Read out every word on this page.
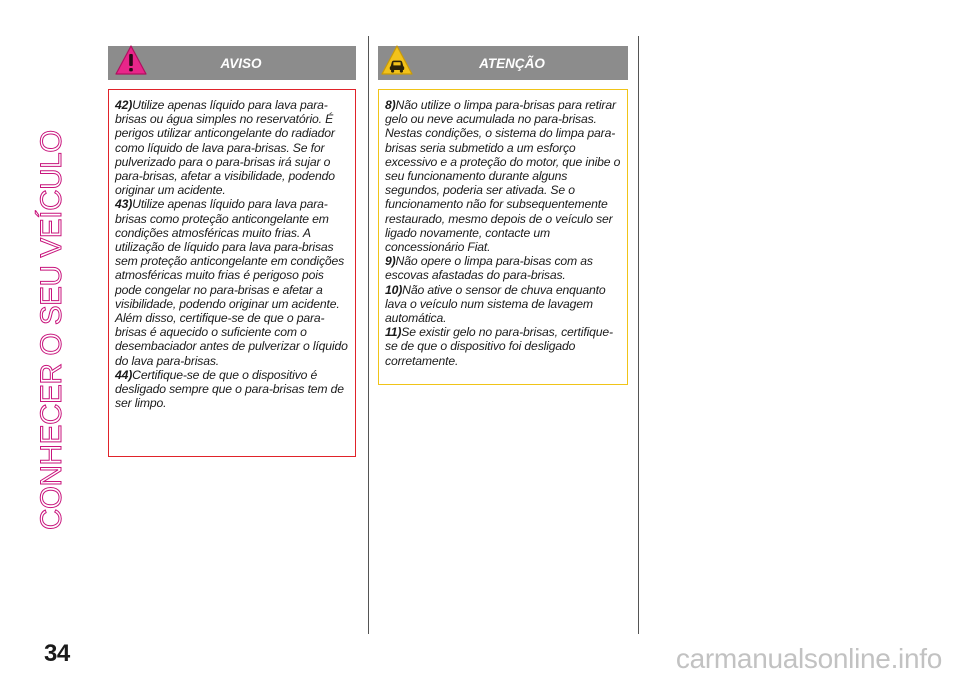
CONHECER O SEU VEÍCULO
AVISO

42)Utilize apenas líquido para lava para-brisas ou água simples no reservatório. É perigos utilizar anticongelante do radiador como líquido de lava para-brisas. Se for pulverizado para o para-brisas irá sujar o para-brisas, afetar a visibilidade, podendo originar um acidente.

43)Utilize apenas líquido para lava para-brisas como proteção anticongelante em condições atmosféricas muito frias. A utilização de líquido para lava para-brisas sem proteção anticongelante em condições atmosféricas muito frias é perigoso pois pode congelar no para-brisas e afetar a visibilidade, podendo originar um acidente. Além disso, certifique-se de que o para-brisas é aquecido o suficiente com o desembaciador antes de pulverizar o líquido do lava para-brisas.

44)Certifique-se de que o dispositivo é desligado sempre que o para-brisas tem de ser limpo.

ATENÇÃO

8)Não utilize o limpa para-brisas para retirar gelo ou neve acumulada no para-brisas. Nestas condições, o sistema do limpa para-brisas seria submetido a um esforço excessivo e a proteção do motor, que inibe o seu funcionamento durante alguns segundos, poderia ser ativada. Se o funcionamento não for subsequentemente restaurado, mesmo depois de o veículo ser ligado novamente, contacte um concessionário Fiat.

9)Não opere o limpa para-bisas com as escovas afastadas do para-brisas.

10)Não ative o sensor de chuva enquanto lava o veículo num sistema de lavagem automática.

11)Se existir gelo no para-brisas, certifique-se de que o dispositivo foi desligado corretamente.

34	carmanualsonline.info
